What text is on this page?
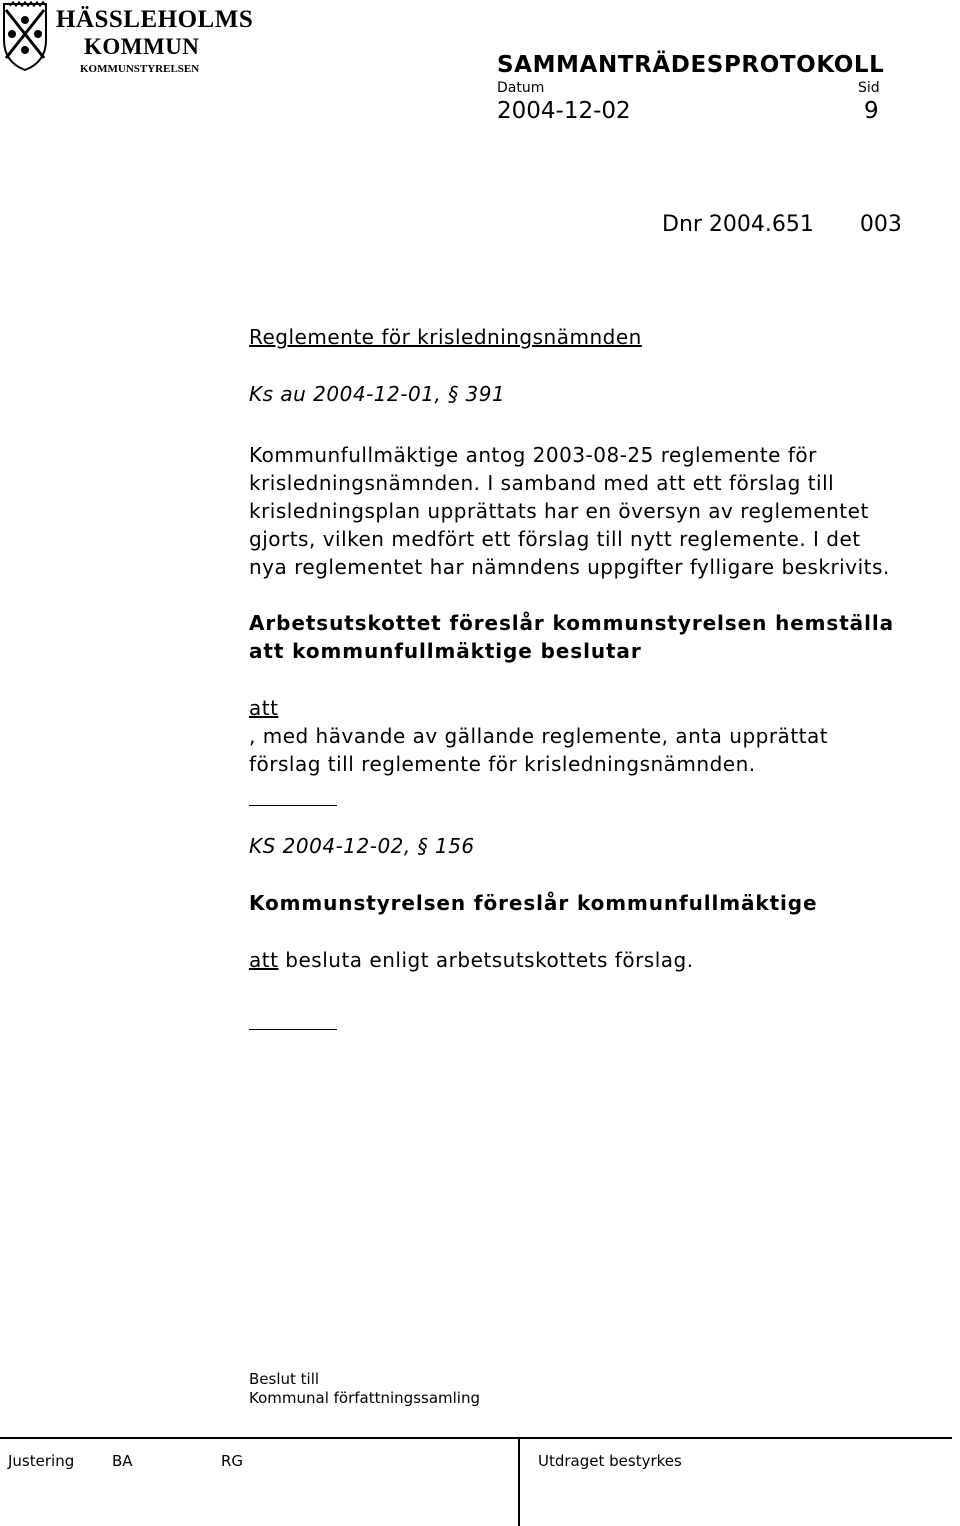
HÄSSLEHOLMS
KOMMUN
KOMMUNSTYRELSEN	SAMMANTRÄDESPROTOKOLL
Datum	Sid
2004-12-02	9
Dnr 2004.651 003
Reglemente för krisledningsnämnden
Ks au 2004-12-01, § 391
Kommunfullmäktige antog 2003-08-25 reglemente för
krisledningsnämnden. I samband med att ett förslag till
krisledningsplan upprättats har en översyn av reglementet
gjorts, vilken medfört ett förslag till nytt reglemente. I det
nya reglementet har nämndens uppgifter fylligare beskrivits.
Arbetsutskottet föreslår kommunstyrelsen hemställa
att kommunfullmäktige beslutar
att
, med hävande av gällande reglemente, anta upprättat
förslag till reglemente för krisledningsnämnden.
KS 2004-12-02, § 156
Kommunstyrelsen föreslår kommunfullmäktige
att besluta enligt arbetsutskottets förslag.
Beslut till
Kommunal författningssamling
Justering	BA	RG	Utdraget bestyrkes
